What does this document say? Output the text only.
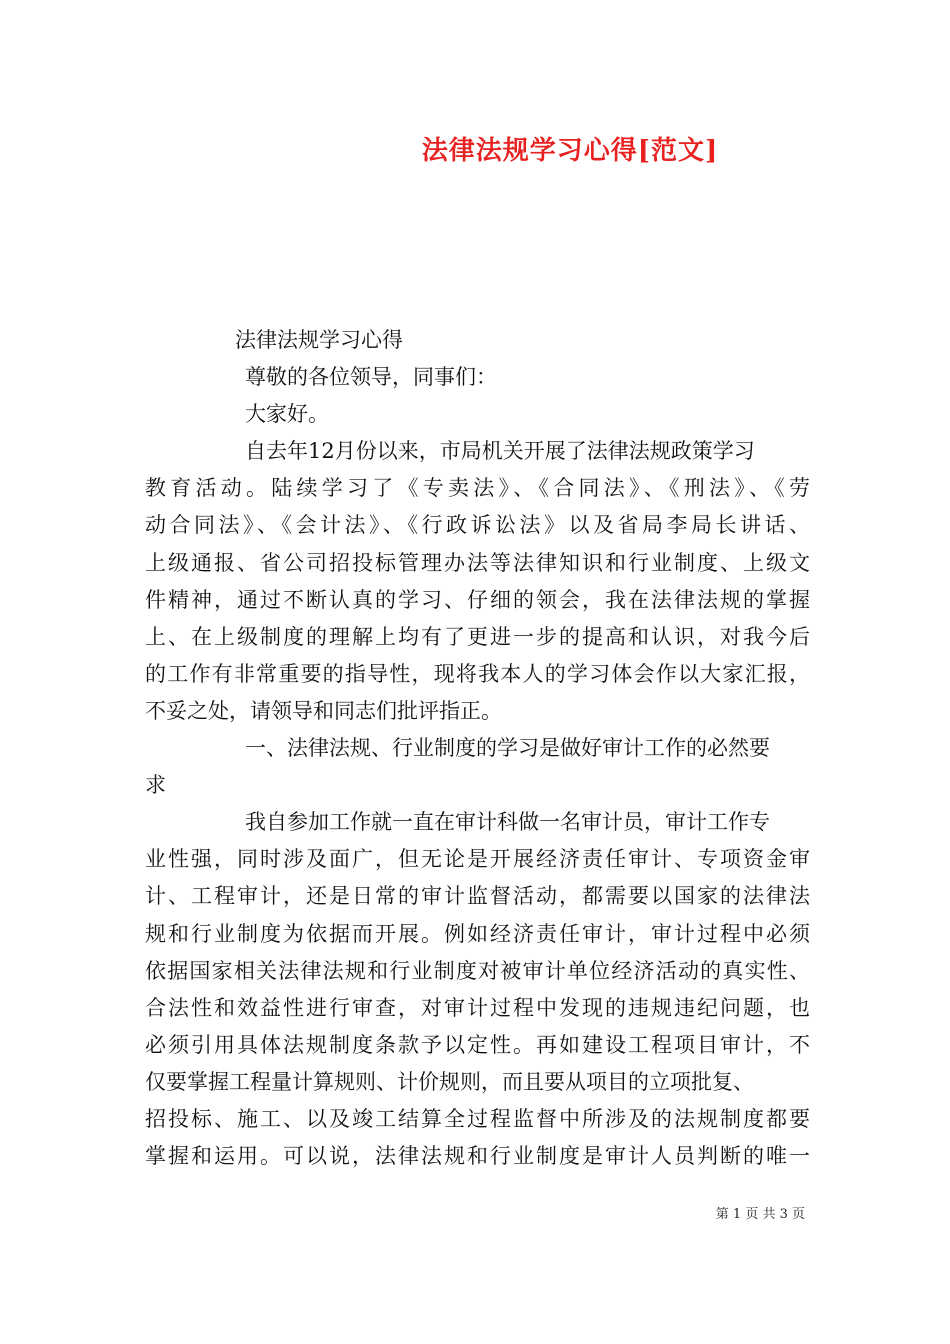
法律法规学习心得[范文]
法律法规学习心得
尊敬的各位领导，同事们：
大家好。
自去年12月份以来，市局机关开展了法律法规政策学习
教育活动。陆续学习了《专卖法》、《合同法》、《刑法》、《劳
动合同法》、《会计法》、《行政诉讼法》以及省局李局长讲话、
上级通报、省公司招投标管理办法等法律知识和行业制度、上级文
件精神，通过不断认真的学习、仔细的领会，我在法律法规的掌握
上、在上级制度的理解上均有了更进一步的提高和认识，对我今后
的工作有非常重要的指导性，现将我本人的学习体会作以大家汇报，
不妥之处，请领导和同志们批评指正。
一、法律法规、行业制度的学习是做好审计工作的必然要
求
我自参加工作就一直在审计科做一名审计员，审计工作专
业性强，同时涉及面广，但无论是开展经济责任审计、专项资金审
计、工程审计，还是日常的审计监督活动，都需要以国家的法律法
规和行业制度为依据而开展。例如经济责任审计，审计过程中必须
依据国家相关法律法规和行业制度对被审计单位经济活动的真实性、
合法性和效益性进行审查，对审计过程中发现的违规违纪问题，也
必须引用具体法规制度条款予以定性。再如建设工程项目审计，不
仅要掌握工程量计算规则、计价规则，而且要从项目的立项批复、
招投标、施工、以及竣工结算全过程监督中所涉及的法规制度都要
掌握和运用。可以说，法律法规和行业制度是审计人员判断的唯一
第 1 页 共 3 页
